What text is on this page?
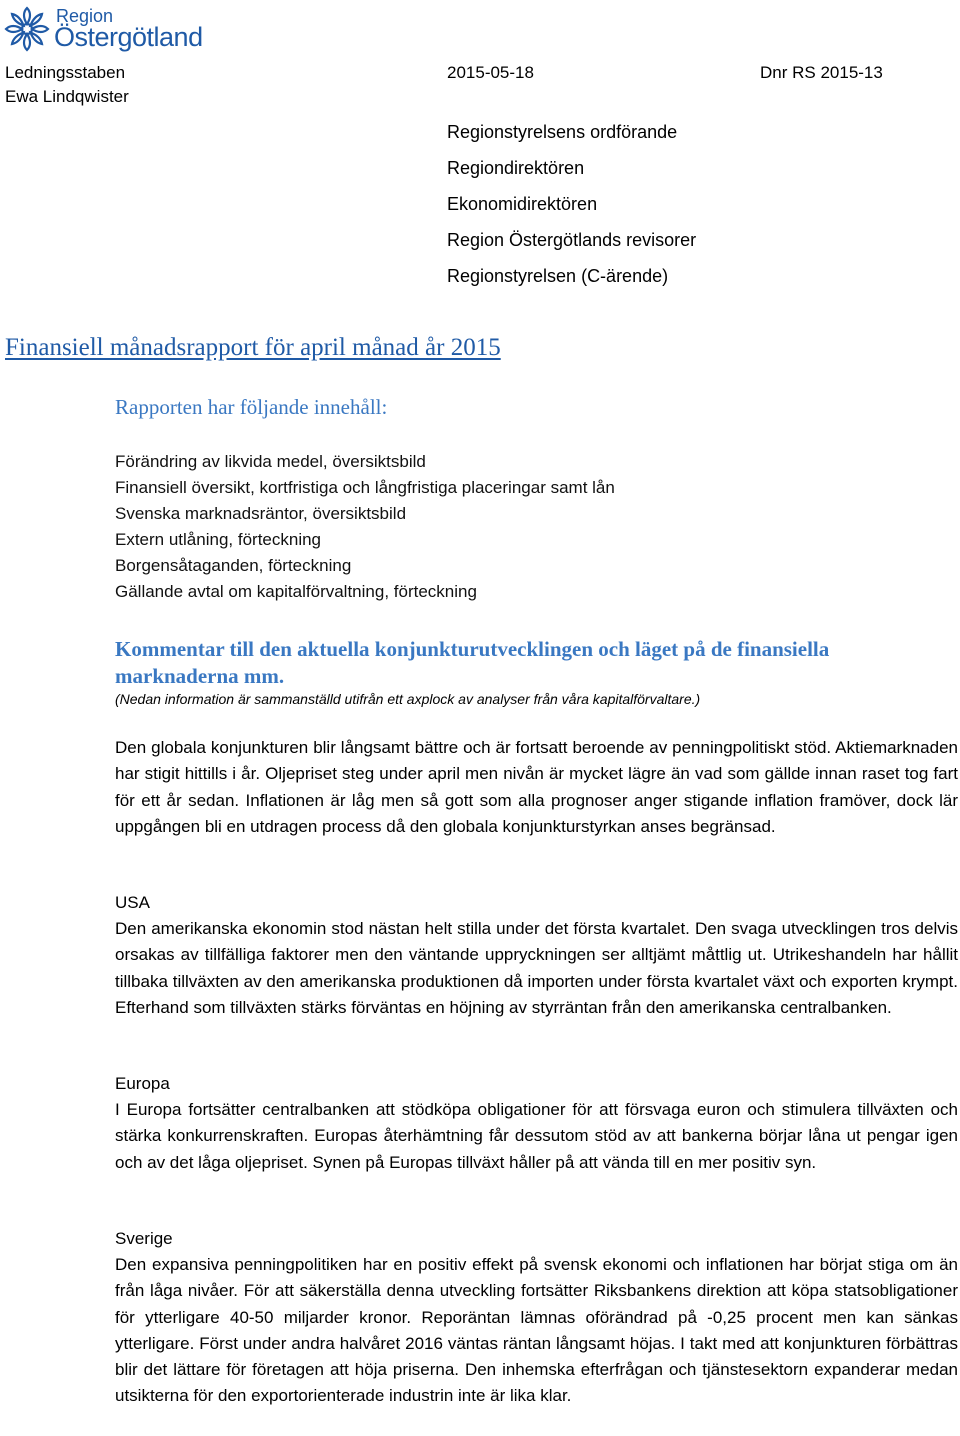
Region
Östergötland
Ledningsstaben
Ewa Lindqwister
2015-05-18	Dnr RS 2015-13
Regionstyrelsens ordförande
Regiondirektören
Ekonomidirektören
Region Östergötlands revisorer
Regionstyrelsen (C-ärende)
Finansiell månadsrapport för april månad år 2015
Rapporten har följande innehåll:
Förändring av likvida medel, översiktsbild
Finansiell översikt, kortfristiga och långfristiga placeringar samt lån
Svenska marknadsräntor, översiktsbild
Extern utlåning, förteckning
Borgensåtaganden, förteckning
Gällande avtal om kapitalförvaltning, förteckning
Kommentar till den aktuella konjunkturutvecklingen och läget på de finansiella marknaderna mm.
(Nedan information är sammanställd utifrån ett axplock av analyser från våra kapitalförvaltare.)

Den globala konjunkturen blir långsamt bättre och är fortsatt beroende av penningpolitiskt stöd. Aktiemarknaden har stigit hittills i år. Oljepriset steg under april men nivån är mycket lägre än vad som gällde innan raset tog fart för ett år sedan. Inflationen är låg men så gott som alla prognoser anger stigande inflation framöver, dock lär uppgången bli en utdragen process då den globala konjunkturstyrkan anses begränsad.

USA

Den amerikanska ekonomin stod nästan helt stilla under det första kvartalet. Den svaga utvecklingen tros delvis orsakas av tillfälliga faktorer men den väntande uppryckningen ser alltjämt måttlig ut. Utrikeshandeln har hållit tillbaka tillväxten av den amerikanska produktionen då importen under första kvartalet växt och exporten krympt. Efterhand som tillväxten stärks förväntas en höjning av styrräntan från den amerikanska centralbanken.

Europa

I Europa fortsätter centralbanken att stödköpa obligationer för att försvaga euron och stimulera tillväxten och stärka konkurrenskraften. Europas återhämtning får dessutom stöd av att bankerna börjar låna ut pengar igen och av det låga oljepriset. Synen på Europas tillväxt håller på att vända till en mer positiv syn.

Sverige

Den expansiva penningpolitiken har en positiv effekt på svensk ekonomi och inflationen har börjat stiga om än från låga nivåer. För att säkerställa denna utveckling fortsätter Riksbankens direktion att köpa statsobligationer för ytterligare 40-50 miljarder kronor. Reporäntan lämnas oförändrad på -0,25 procent men kan sänkas ytterligare. Först under andra halvåret 2016 väntas räntan långsamt höjas. I takt med att konjunkturen förbättras blir det lättare för företagen att höja priserna. Den inhemska efterfrågan och tjänstesektorn expanderar medan utsikterna för den exportorienterade industrin inte är lika klar.
